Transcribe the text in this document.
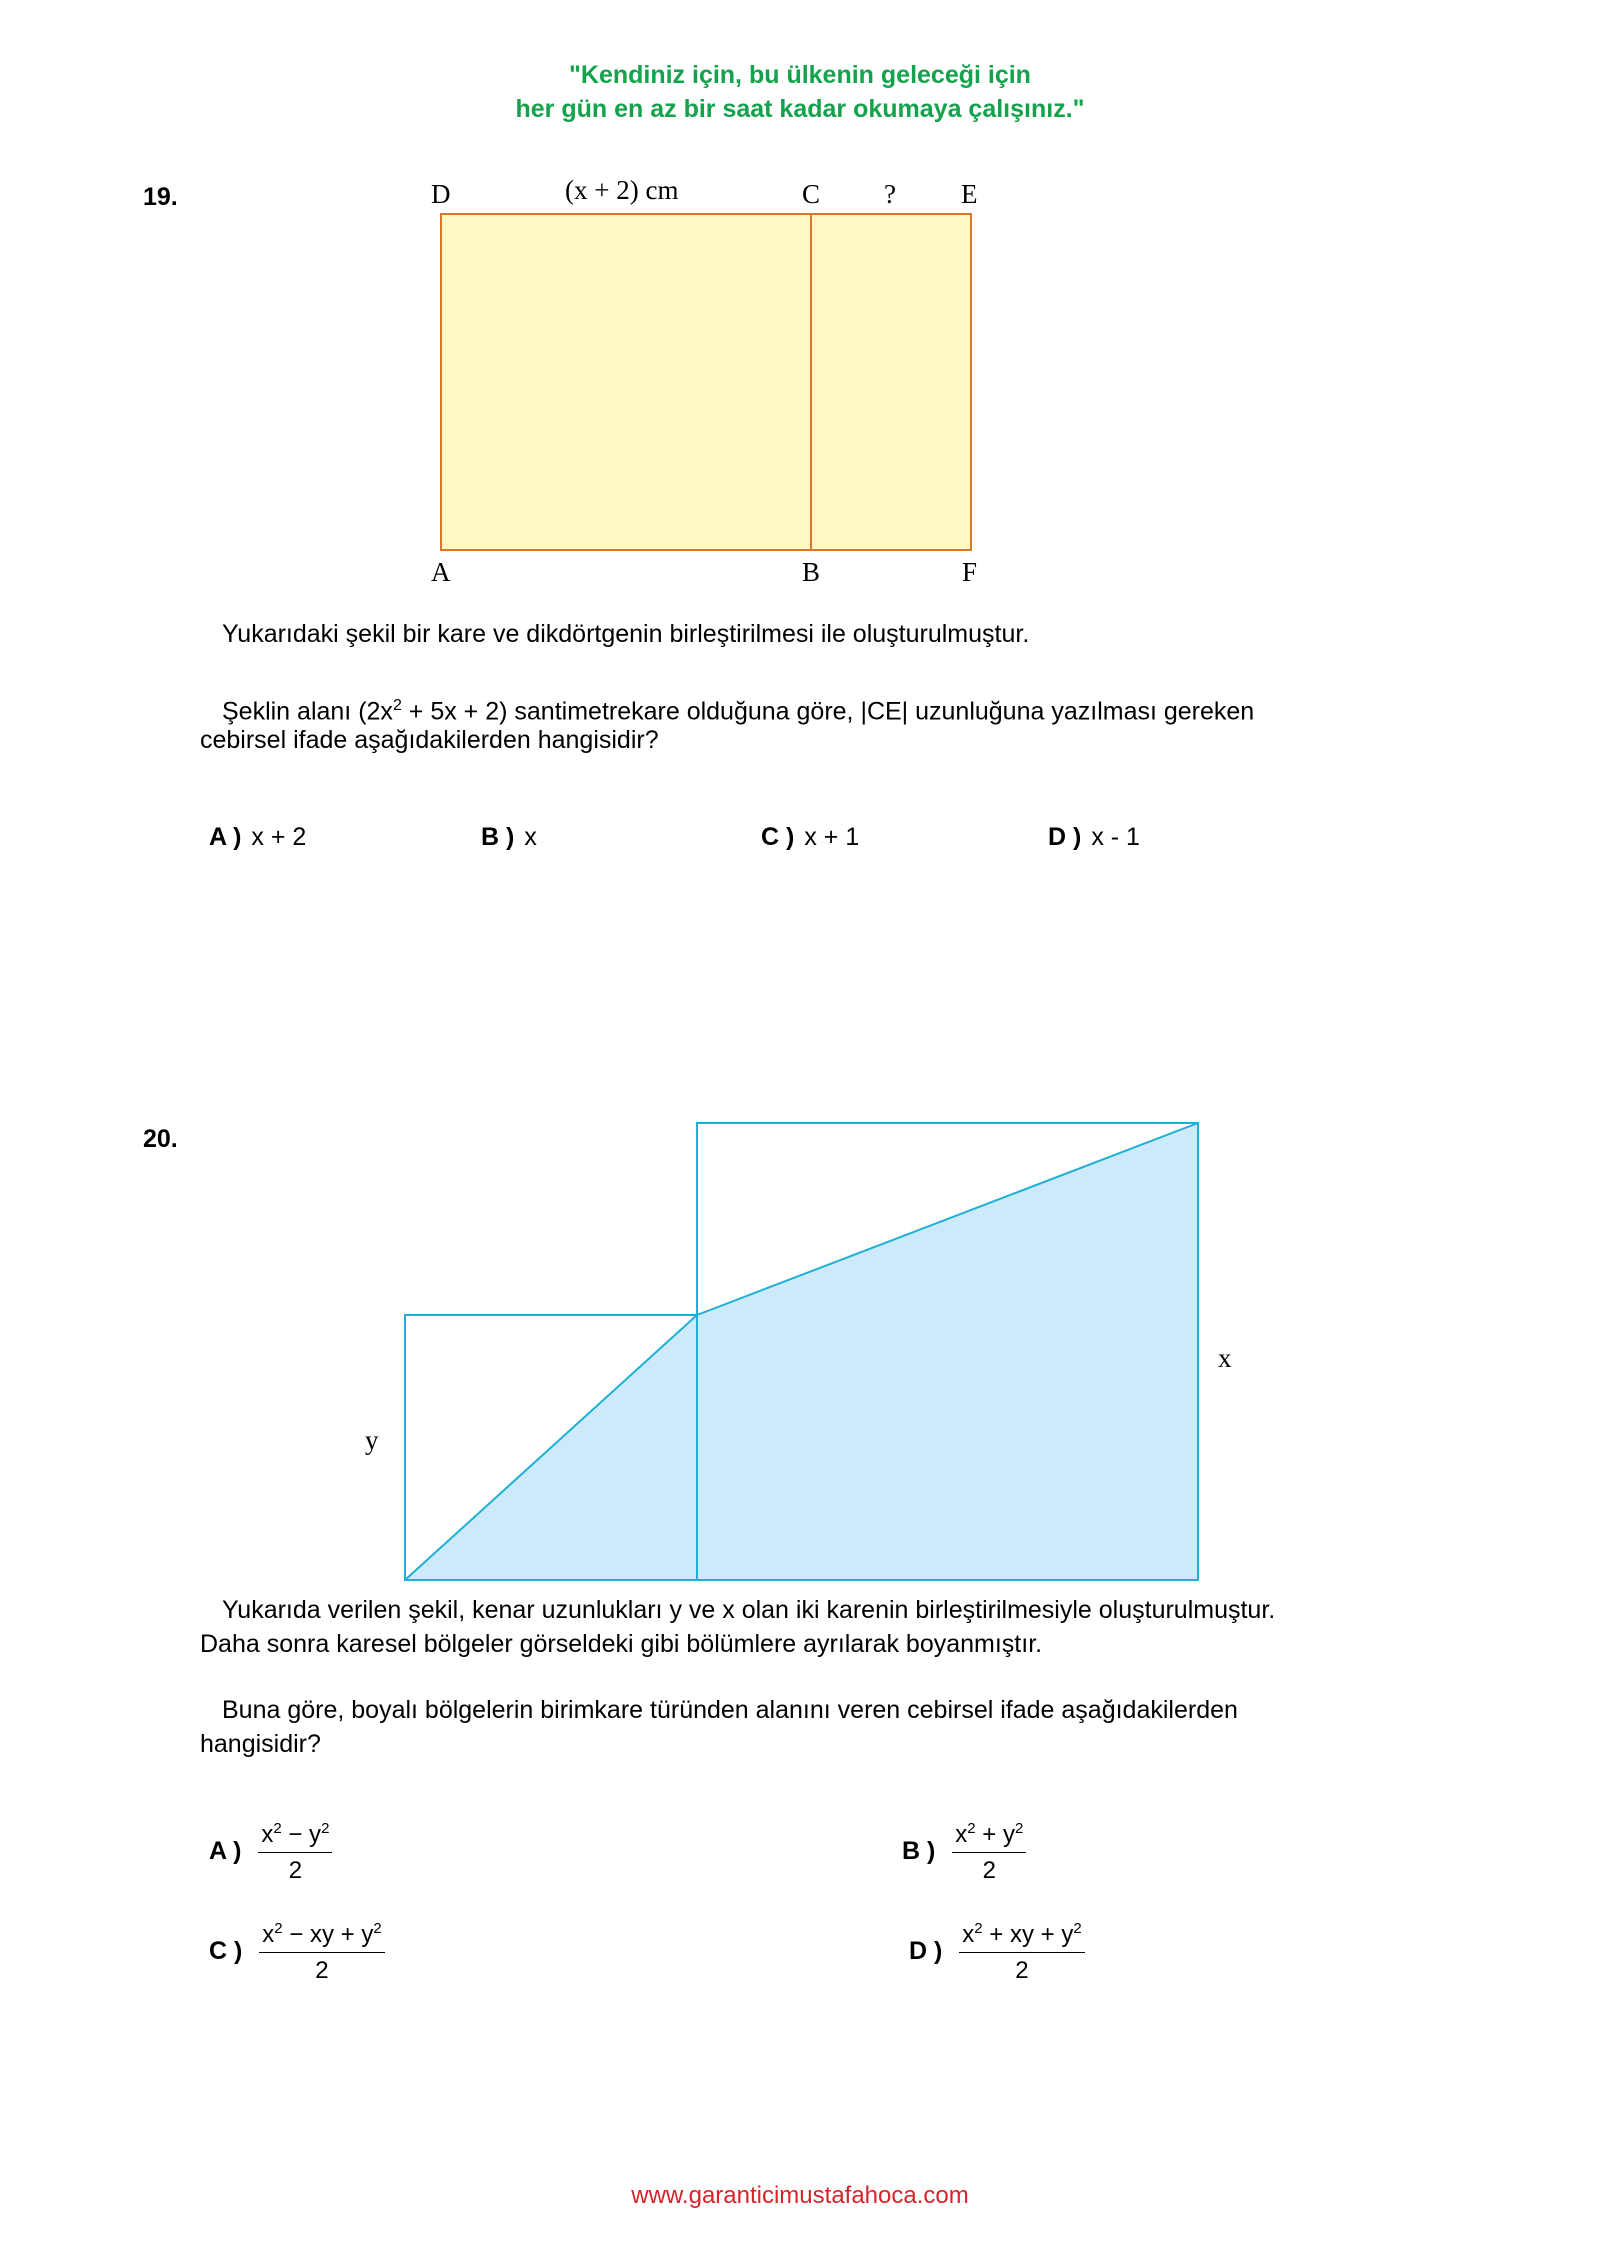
"Kendiniz için, bu ülkenin geleceği için
her gün en az bir saat kadar okumaya çalışınız."
19.	D	(x + 2) cm	C ? E
A	B	F
Yukarıdaki şekil bir kare ve dikdörtgenin birleştirilmesi ile oluşturulmuştur.
Şeklin alanı $(2x^2 + 5x + 2)$ santimetrekare olduğuna göre, |CE| uzunluğuna yazılması gereken
cebirsel ifade aşağıdakilerden hangisidir?
A ) x + 2	B ) x	C ) x + 1	D ) x - 1
20.
x
y
Yukarıda verilen şekil, kenar uzunlukları y ve x olan iki karenin birleştirilmesiyle oluşturulmuştur.
Daha sonra karesel bölgeler görseldeki gibi bölümlere ayrılarak boyanmıştır.
Buna göre, boyalı bölgelerin birimkare türünden alanını veren cebirsel ifade aşağıdakilerden
hangisidir?
A ) $\frac{x^2 - y^2}{2}$	B ) $\frac{x^2 + y^2}{2}$
C ) $\frac{x^2 - xy + y^2}{2}$	D ) $\frac{x^2 + xy + y^2}{2}$
www.garanticimustafahoca.com
